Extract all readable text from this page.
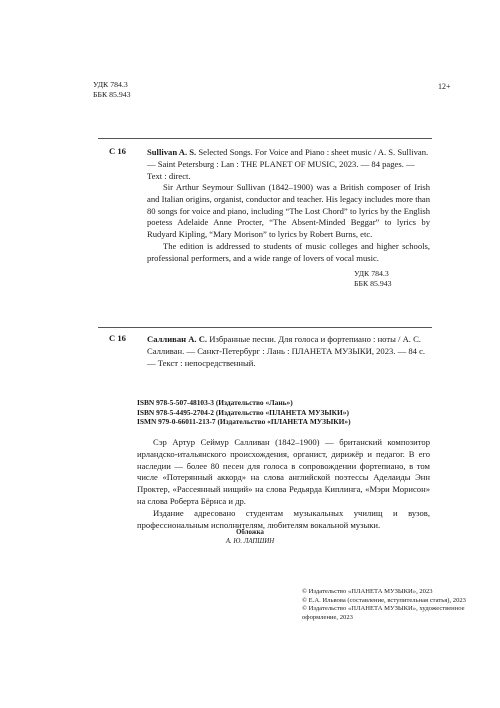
УДК 784.3
ББК 85.943
12+
С 16 Sullivan A. S. Selected Songs. For Voice and Piano : sheet music / A. S. Sullivan. — Saint Petersburg : Lan : THE PLANET OF MUSIC, 2023. — 84 pages. — Text : direct.

Sir Arthur Seymour Sullivan (1842–1900) was a British composer of Irish and Italian origins, organist, conductor and teacher. His legacy includes more than 80 songs for voice and piano, including “The Lost Chord” to lyrics by the English poetess Adelaide Anne Procter, “The Absent-Minded Beggar” to lyrics by Rudyard Kipling, “Mary Morison” to lyrics by Robert Burns, etc.

The edition is addressed to students of music colleges and higher schools, professional performers, and a wide range of lovers of vocal music.

УДК 784.3
ББК 85.943
С 16 Салливан А. С. Избранные песни. Для голоса и фортепиано : ноты / А. С. Салливан. — Санкт-Петербург : Лань : ПЛАНЕТА МУЗЫКИ, 2023. — 84 с. — Текст : непосредственный.
ISBN 978-5-507-48103-3 (Издательство «Лань»)
ISBN 978-5-4495-2704-2 (Издательство «ПЛАНЕТА МУЗЫКИ»)
ISMN 979-0-66011-213-7 (Издательство «ПЛАНЕТА МУЗЫКИ»)

Сэр Артур Сеймур Салливан (1842–1900) — британский композитор ирландско-итальянского происхождения, органист, дирижёр и педагог. В его наследии — более 80 песен для голоса в сопровождении фортепиано, в том числе «Потерянный аккорд» на слова английской поэтессы Аделаиды Энн Проктер, «Рассеянный нищий» на слова Редьярда Киплинга, «Мэри Морисон» на слова Роберта Бёрнса и др.

Издание адресовано студентам музыкальных училищ и вузов, профессиональным исполнителям, любителям вокальной музыки.

Обложка
А. Ю. ЛАПШИН
© Издательство «ПЛАНЕТА МУЗЫКИ», 2023
© Е.А. Ильвова (составление, вступительная статья), 2023
© Издательство «ПЛАНЕТА МУЗЫКИ», художественное оформление, 2023
